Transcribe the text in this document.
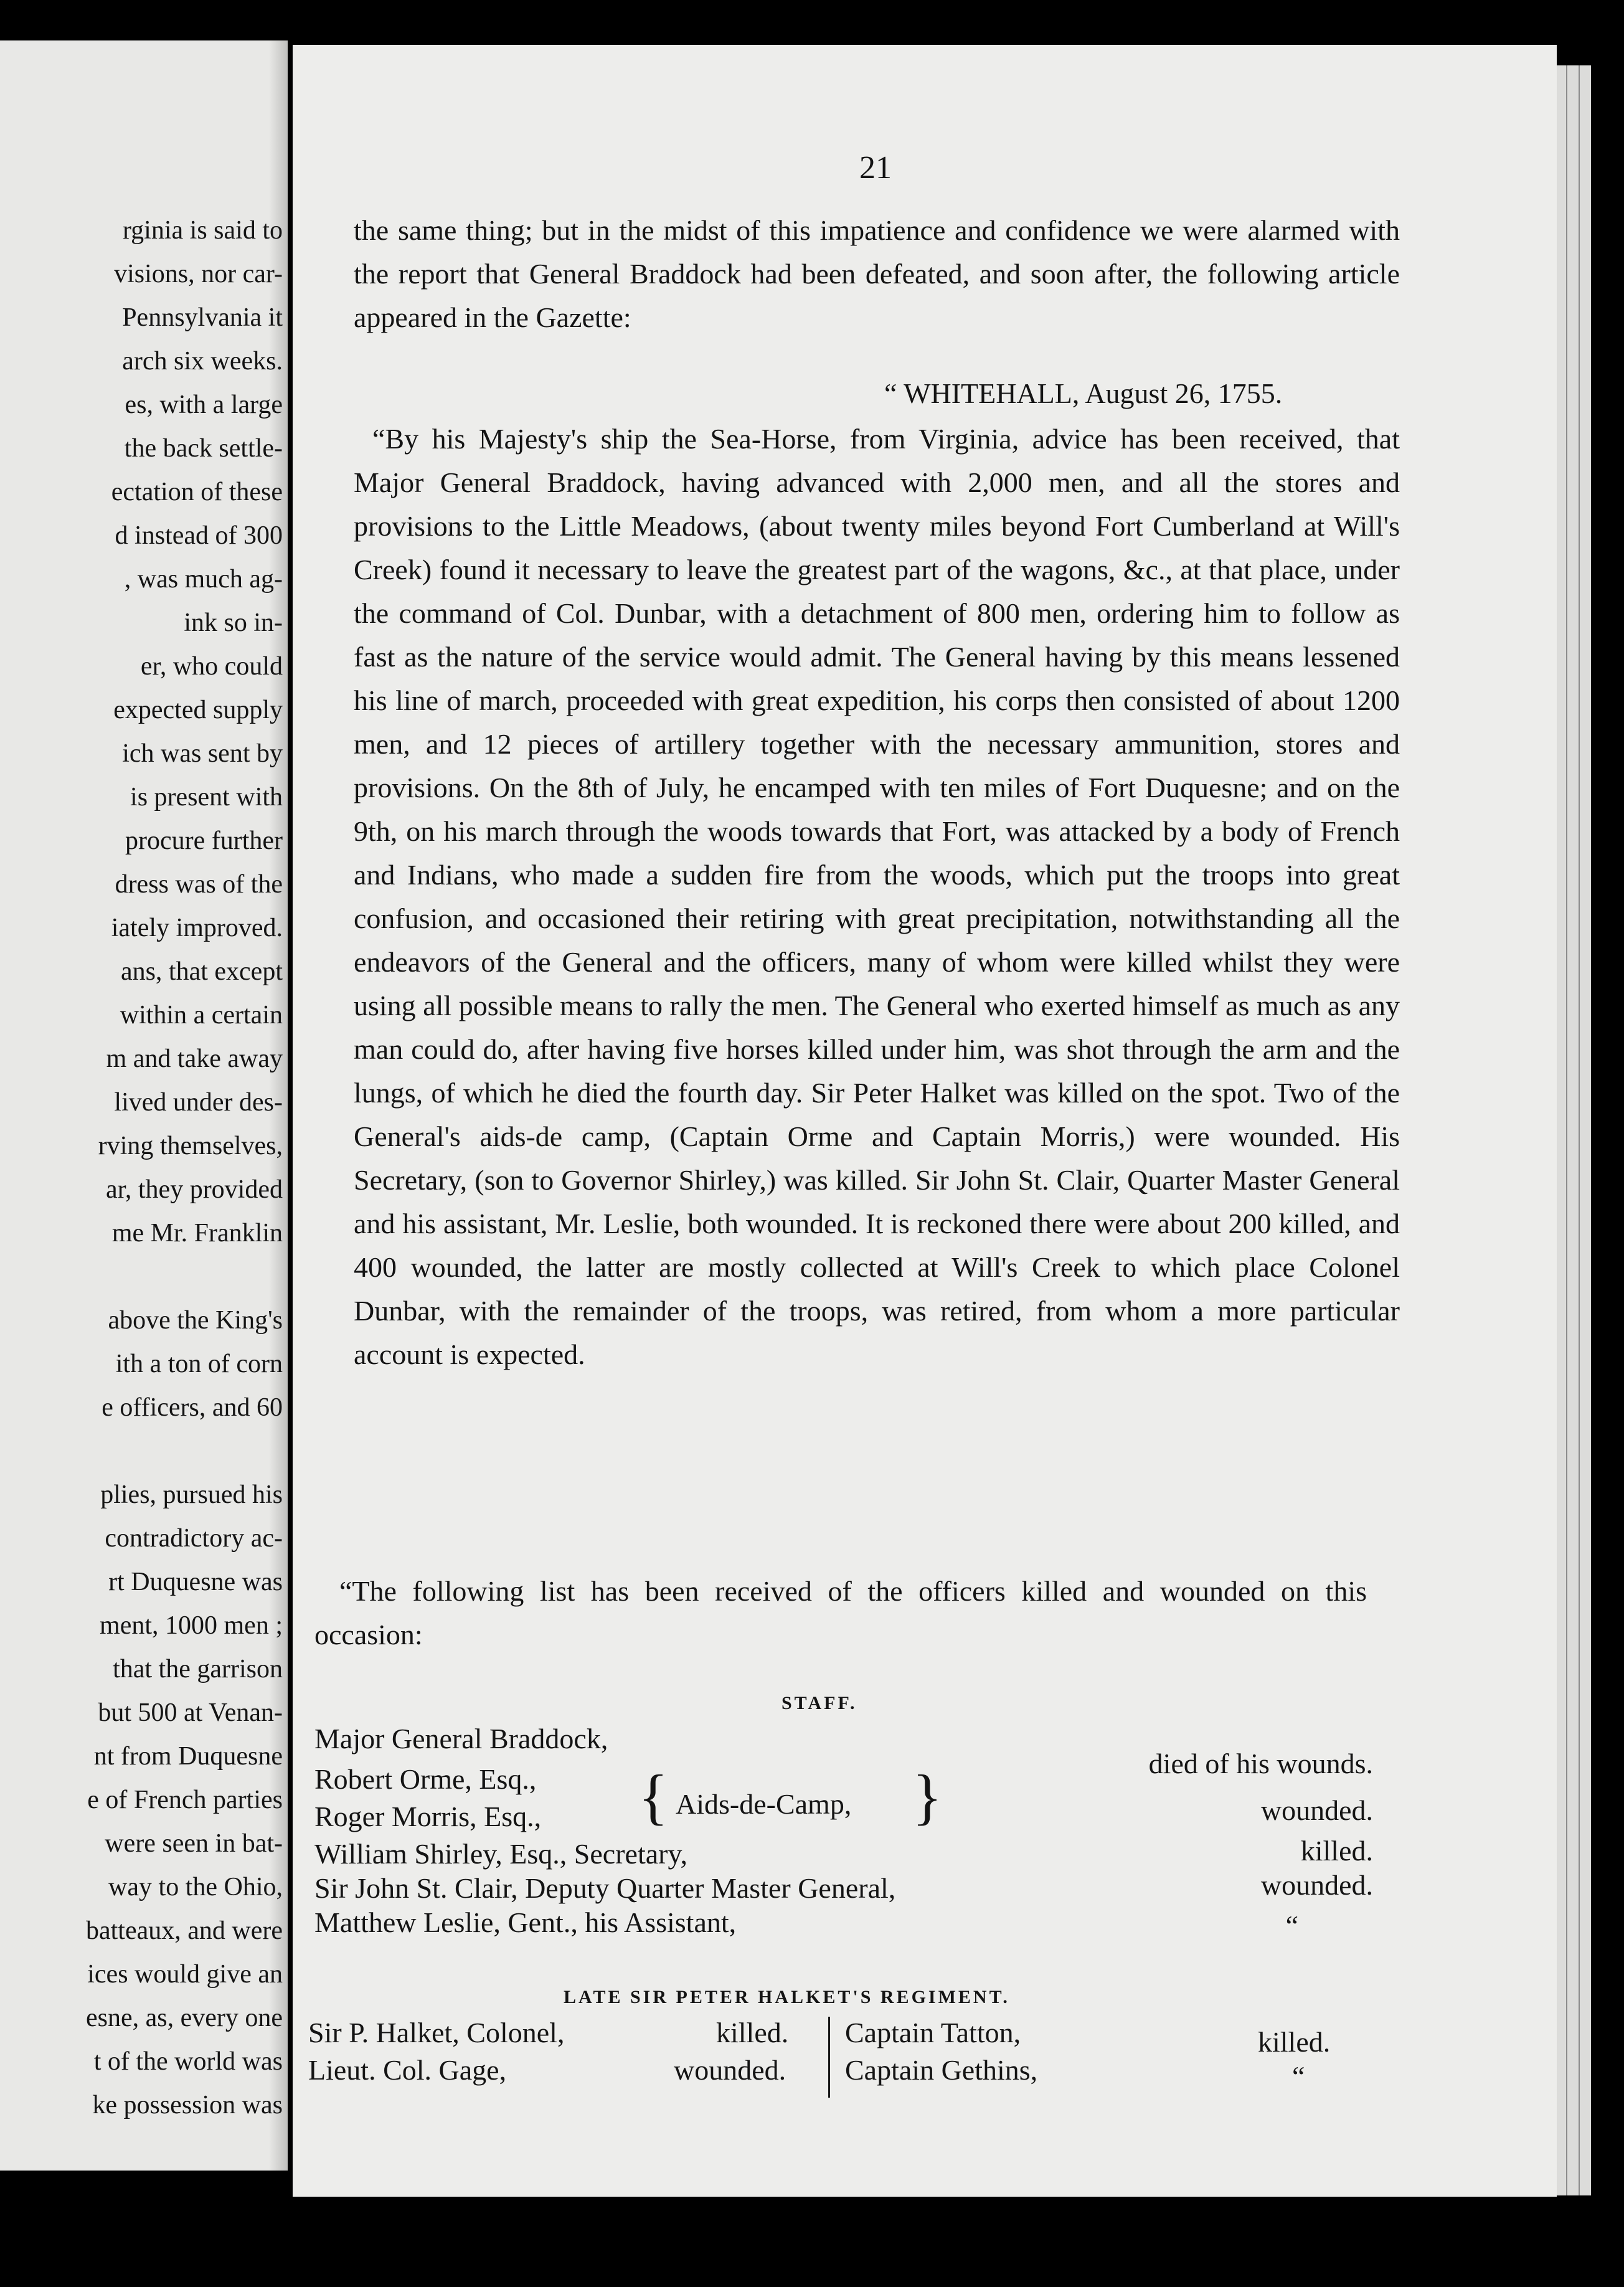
rginia is said to
visions, nor car-
Pennsylvania it
arch six weeks.
es, with a large
the back settle-
ectation of these
d instead of 300
, was much ag-
ink so in-
er, who could
expected supply
ich was sent by
is present with
procure further
dress was of the
iately improved.
ans, that except
within a certain
m and take away
lived under des-
rving themselves,
ar, they provided
me Mr. Franklin
above the King's
ith a ton of corn
e officers, and 60
plies, pursued his
contradictory ac-
rt Duquesne was
ment, 1000 men ;
that the garrison
but 500 at Venan-
nt from Duquesne
e of French parties
were seen in bat-
way to the Ohio,
batteaux, and were
ices would give an
esne, as, every one
t of the world was
ke possession was
21

the same thing; but in the midst of this impatience and confidence we were alarmed with the report that General Braddock had been defeated, and soon after, the following article appeared in the Gazette:

“ WHITEHALL, August 26, 1755.

“By his Majesty's ship the Sea-Horse, from Virginia, advice has been received, that Major General Braddock, having advanced with 2,000 men, and all the stores and provisions to the Little Meadows, (about twenty miles beyond Fort Cumberland at Will's Creek) found it necessary to leave the greatest part of the wagons, &c., at that place, under the command of Col. Dunbar, with a detachment of 800 men, ordering him to follow as fast as the nature of the service would admit. The General having by this means lessened his line of march, proceeded with great expedition, his corps then consisted of about 1200 men, and 12 pieces of artillery together with the necessary ammunition, stores and provisions. On the 8th of July, he encamped with ten miles of Fort Duquesne; and on the 9th, on his march through the woods towards that Fort, was attacked by a body of French and Indians, who made a sudden fire from the woods, which put the troops into great confusion, and occasioned their retiring with great precipitation, notwithstanding all the endeavors of the General and the officers, many of whom were killed whilst they were using all possible means to rally the men. The General who exerted himself as much as any man could do, after having five horses killed under him, was shot through the arm and the lungs, of which he died the fourth day. Sir Peter Halket was killed on the spot. Two of the General's aids-de camp, (Captain Orme and Captain Morris,) were wounded. His Secretary, (son to Governor Shirley,) was killed. Sir John St. Clair, Quarter Master General and his assistant, Mr. Leslie, both wounded. It is reckoned there were about 200 killed, and 400 wounded, the latter are mostly collected at Will's Creek to which place Colonel Dunbar, with the remainder of the troops, was retired, from whom a more particular account is expected.

“The following list has been received of the officers killed and wounded on this occasion:

STAFF.
Major General Braddock,
died of his wounds.
Robert Orme, Esq.,
Roger Morris, Esq.,	wounded.
William Shirley, Esq., Secretary,	killed.
Sir John St. Clair, Deputy Quarter Master General,	wounded.
Matthew Leslie, Gent., his Assistant,	“
{ Aids-de-Camp, }
LATE SIR PETER HALKET'S REGIMENT.
Sir P. Halket, Colonel,	killed.
Lieut. Col. Gage,	wounded.
Captain Tatton,	killed.
Captain Gethins,	“
